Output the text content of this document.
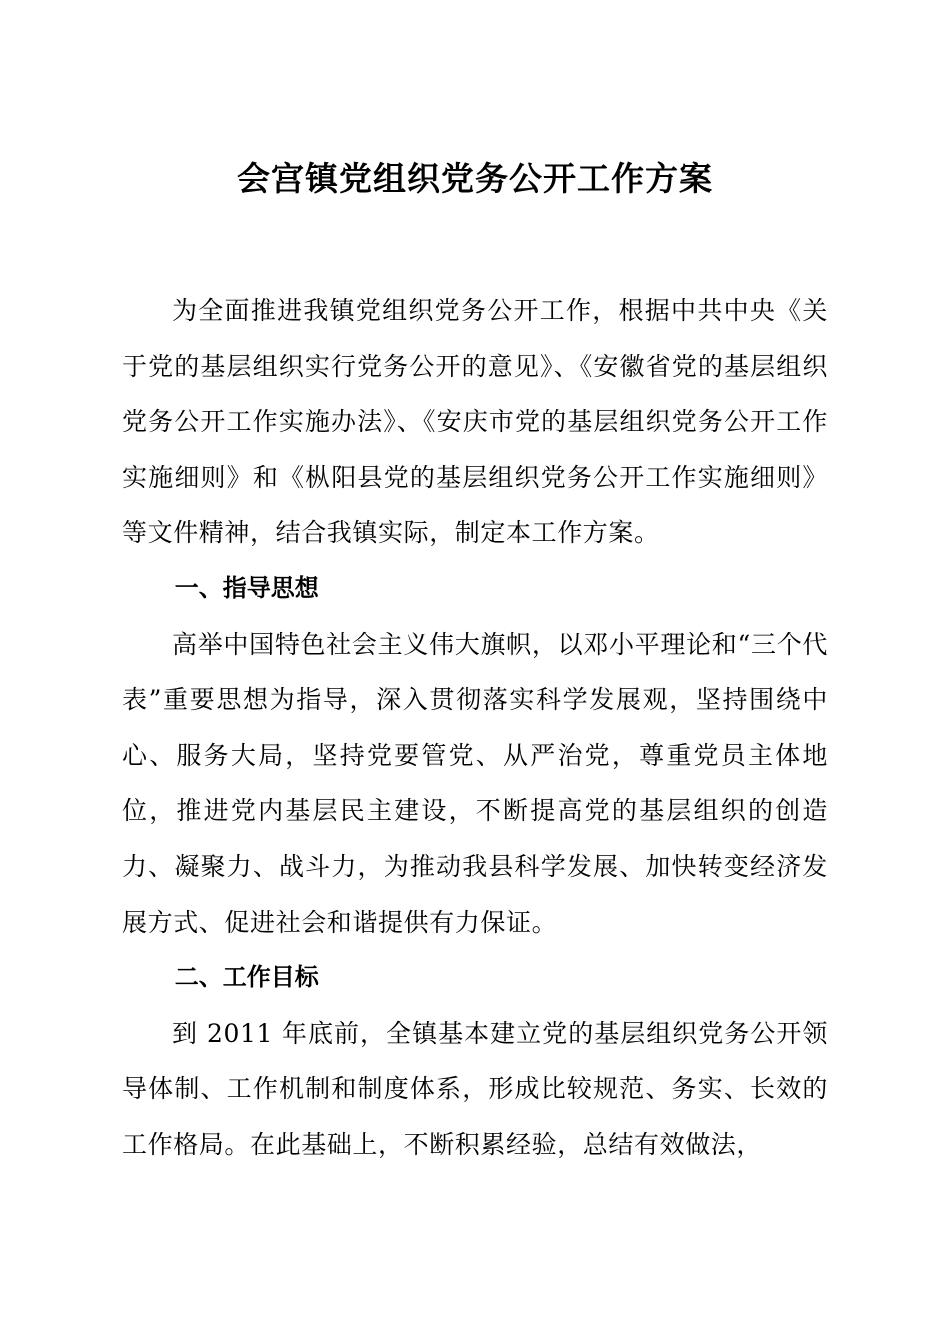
会宫镇党组织党务公开工作方案

为全面推进我镇党组织党务公开工作，根据中共中央《关于党的基层组织实行党务公开的意见》、《安徽省党的基层组织党务公开工作实施办法》、《安庆市党的基层组织党务公开工作实施细则》和《枞阳县党的基层组织党务公开工作实施细则》等文件精神，结合我镇实际，制定本工作方案。

一、指导思想

高举中国特色社会主义伟大旗帜，以邓小平理论和“三个代表”重要思想为指导，深入贯彻落实科学发展观，坚持围绕中心、服务大局，坚持党要管党、从严治党，尊重党员主体地位，推进党内基层民主建设，不断提高党的基层组织的创造力、凝聚力、战斗力，为推动我县科学发展、加快转变经济发展方式、促进社会和谐提供有力保证。

二、工作目标

到 2011 年底前，全镇基本建立党的基层组织党务公开领导体制、工作机制和制度体系，形成比较规范、务实、长效的工作格局。在此基础上，不断积累经验，总结有效做法，
